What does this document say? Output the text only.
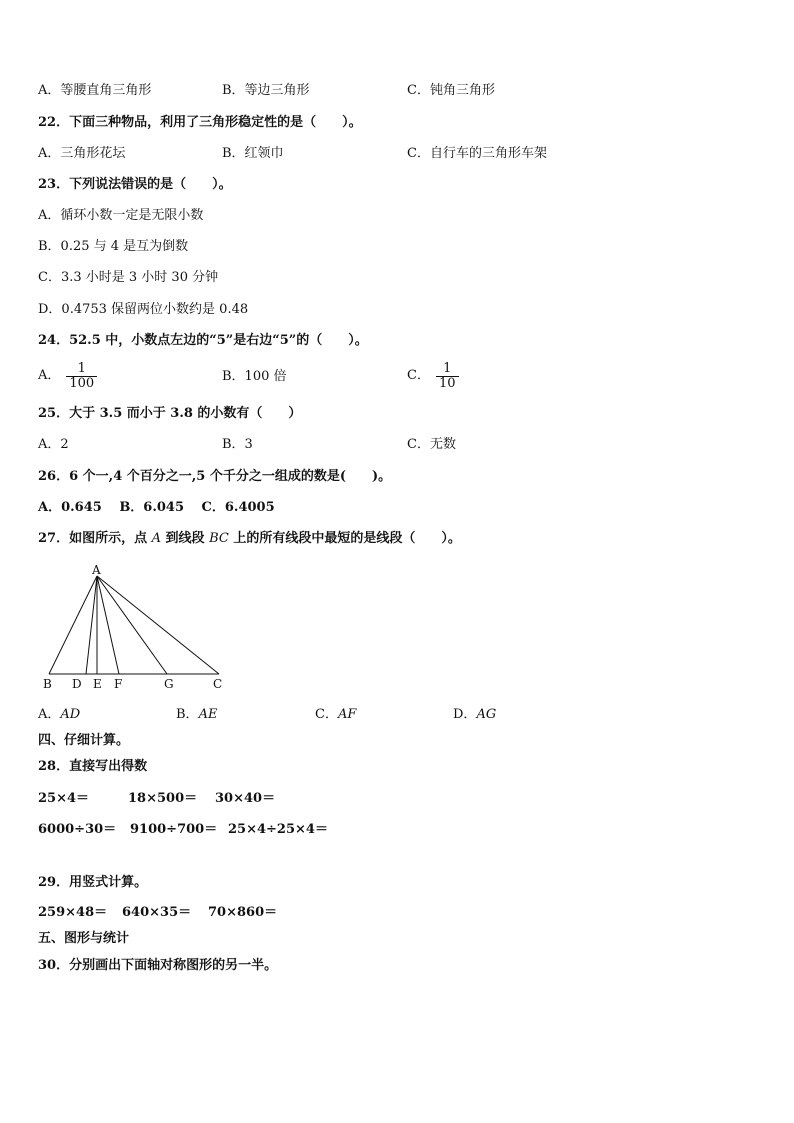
A．等腰直角三角形	B．等边三角形	C．钝角三角形
22．下面三种物品，利用了三角形稳定性的是（　　）。
A．三角形花坛	B．红领巾	C．自行车的三角形车架
23．下列说法错误的是（　　）。
A．循环小数一定是无限小数
B．0.25 与 4 是互为倒数
C．3.3 小时是 3 小时 30 分钟
D．0.4753 保留两位小数约是 0.48
24．52.5 中，小数点左边的“5”是右边“5”的（　　）。
A． $\frac{1}{100}$	B．100 倍	C． $\frac{1}{10}$
25．大于 3.5 而小于 3.8 的小数有（　　）
A．2	B．3	C．无数
26．6 个一,4 个百分之一,5 个千分之一组成的数是(　　)。
A．0.645　 B．6.045　 C．6.4005
27．如图所示，点 A 到线段 BC 上的所有线段中最短的是线段（　　）。
A
B D E F	G	C
A．AD	B．AE	C．AF	D．AG
四、仔细计算。
28．直接写出得数
25×4＝	18×500＝ 30×40＝
6000÷30＝ 9100÷700＝ 25×4÷25×4＝
29．用竖式计算。
259×48＝ 640×35＝ 70×860＝
五、图形与统计
30．分别画出下面轴对称图形的另一半。
